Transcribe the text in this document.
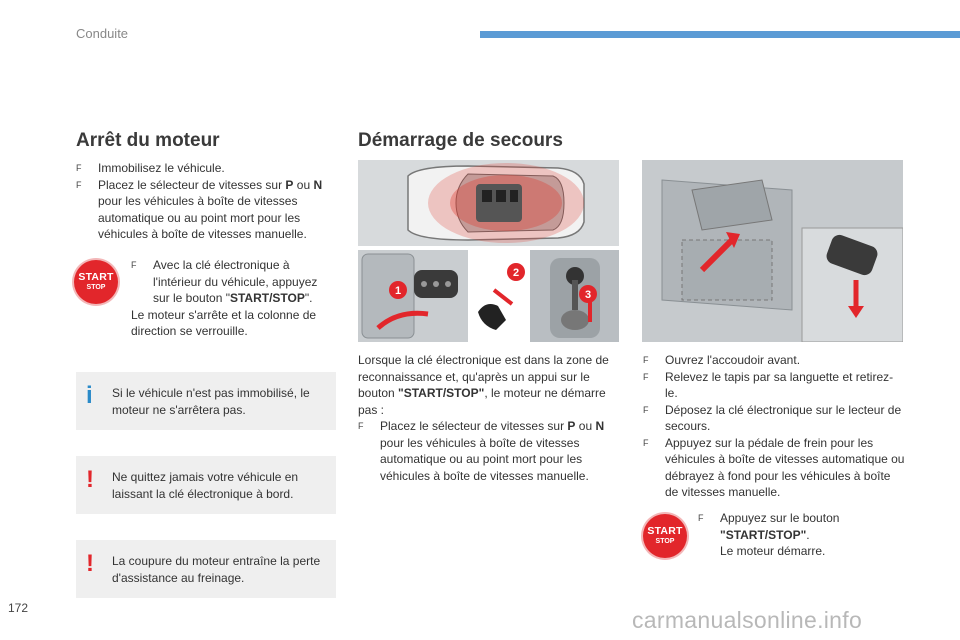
Conduite
Arrêt du moteur
F Immobilisez le véhicule.
F Placez le sélecteur de vitesses sur P ou N pour les véhicules à boîte de vitesses automatique ou au point mort pour les véhicules à boîte de vitesses manuelle.
START
STOP
F Avec la clé électronique à l'intérieur du véhicule, appuyez sur le bouton "START/STOP".
Le moteur s'arrête et la colonne de direction se verrouille.
i Si le véhicule n'est pas immobilisé, le moteur ne s'arrêtera pas.
! Ne quittez jamais votre véhicule en laissant la clé électronique à bord.
! La coupure du moteur entraîne la perte d'assistance au freinage.
Démarrage de secours
1
2
3
Lorsque la clé électronique est dans la zone de reconnaissance et, qu'après un appui sur le bouton "START/STOP", le moteur ne démarre pas :
F Placez le sélecteur de vitesses sur P ou N pour les véhicules à boîte de vitesses automatique ou au point mort pour les véhicules à boîte de vitesses manuelle.
F Ouvrez l'accoudoir avant.
F Relevez le tapis par sa languette et retirez-le.
F Déposez la clé électronique sur le lecteur de secours.
F Appuyez sur la pédale de frein pour les véhicules à boîte de vitesses automatique ou débrayez à fond pour les véhicules à boîte de vitesses manuelle.
START
STOP
F Appuyez sur le bouton "START/STOP".
Le moteur démarre.
172	carmanualsonline.info
